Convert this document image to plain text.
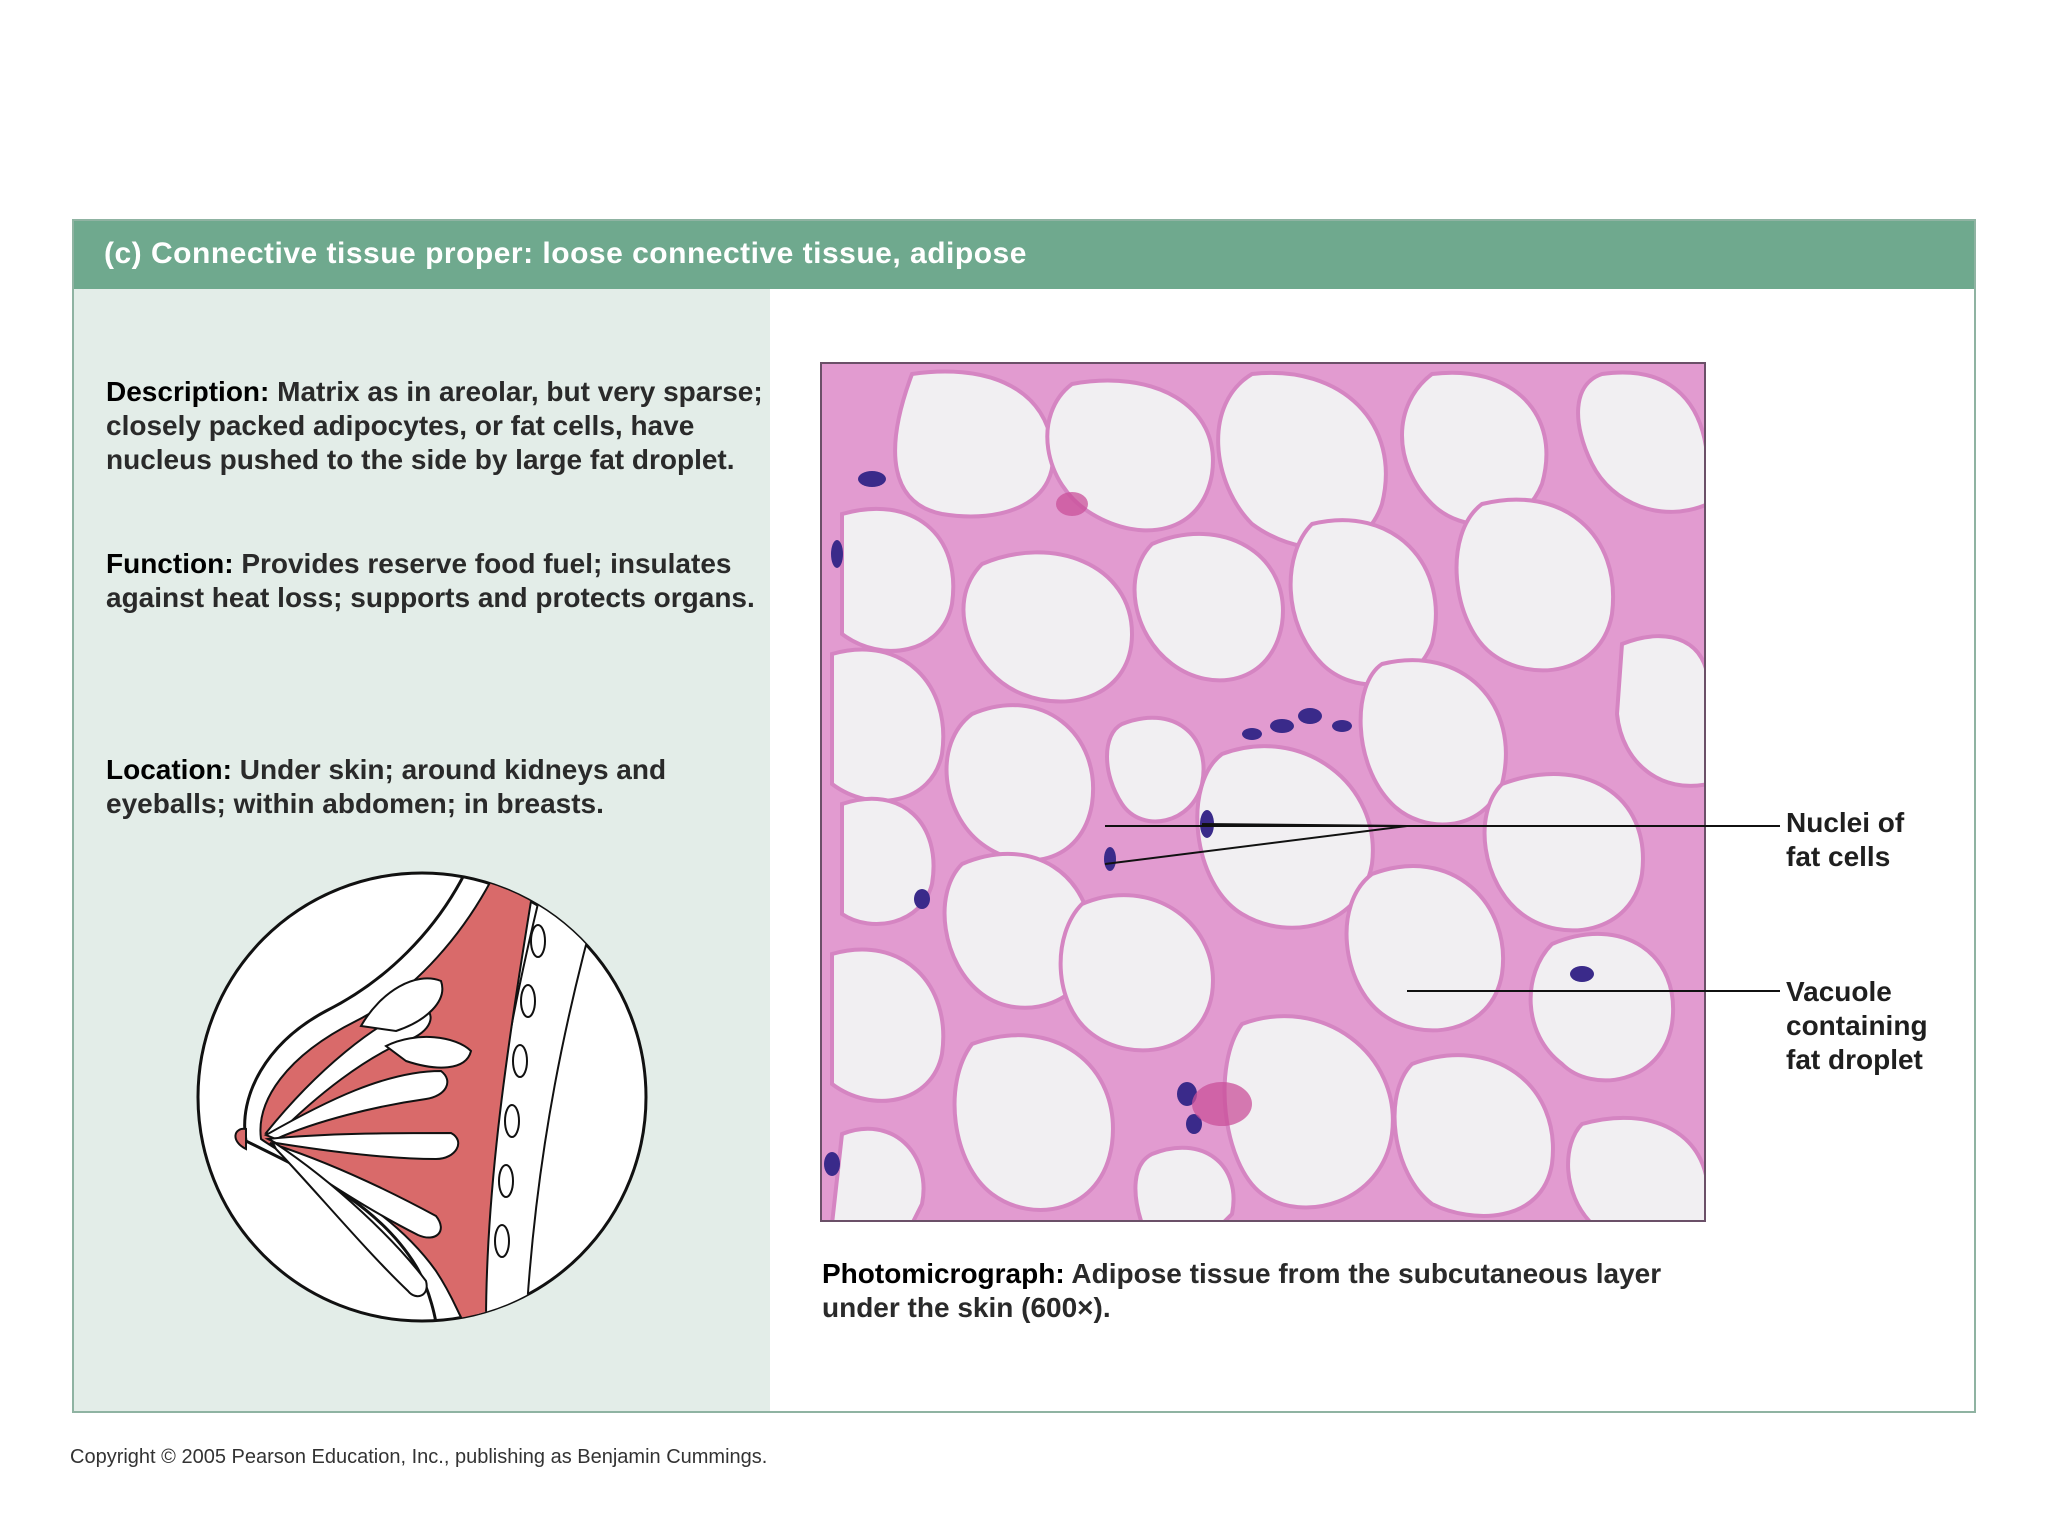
(c) Connective tissue proper: loose connective tissue, adipose
Description: Matrix as in areolar, but very sparse; closely packed adipocytes, or fat cells, have nucleus pushed to the side by large fat droplet.
Function: Provides reserve food fuel; insulates against heat loss; supports and protects organs.
Location: Under skin; around kidneys and eyeballs; within abdomen; in breasts.
Photomicrograph: Adipose tissue from the subcutaneous layer under the skin (600×).
Nuclei of
fat cells
Vacuole
containing
fat droplet
Copyright © 2005 Pearson Education, Inc., publishing as Benjamin Cummings.
